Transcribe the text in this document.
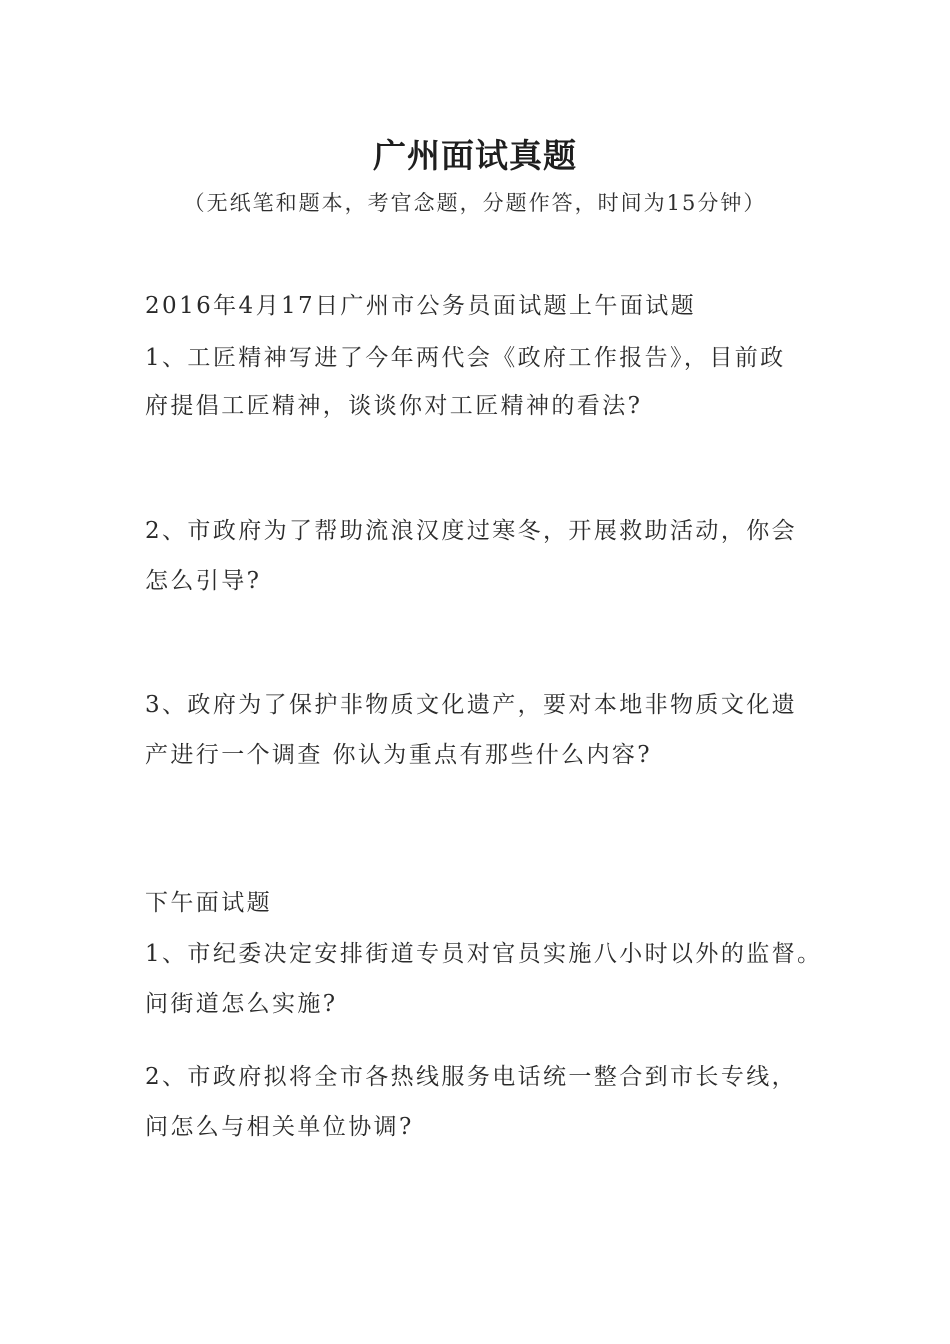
广州面试真题
（无纸笔和题本，考官念题，分题作答，时间为15分钟）
2016年4月17日广州市公务员面试题上午面试题
1、工匠精神写进了今年两代会《政府工作报告》，目前政
府提倡工匠精神，谈谈你对工匠精神的看法?
2、市政府为了帮助流浪汉度过寒冬，开展救助活动，你会
怎么引导?
3、政府为了保护非物质文化遗产，要对本地非物质文化遗
产进行一个调查 你认为重点有那些什么内容?
下午面试题
1、市纪委决定安排街道专员对官员实施八小时以外的监督。
问街道怎么实施?
2、市政府拟将全市各热线服务电话统一整合到市长专线，
问怎么与相关单位协调?
